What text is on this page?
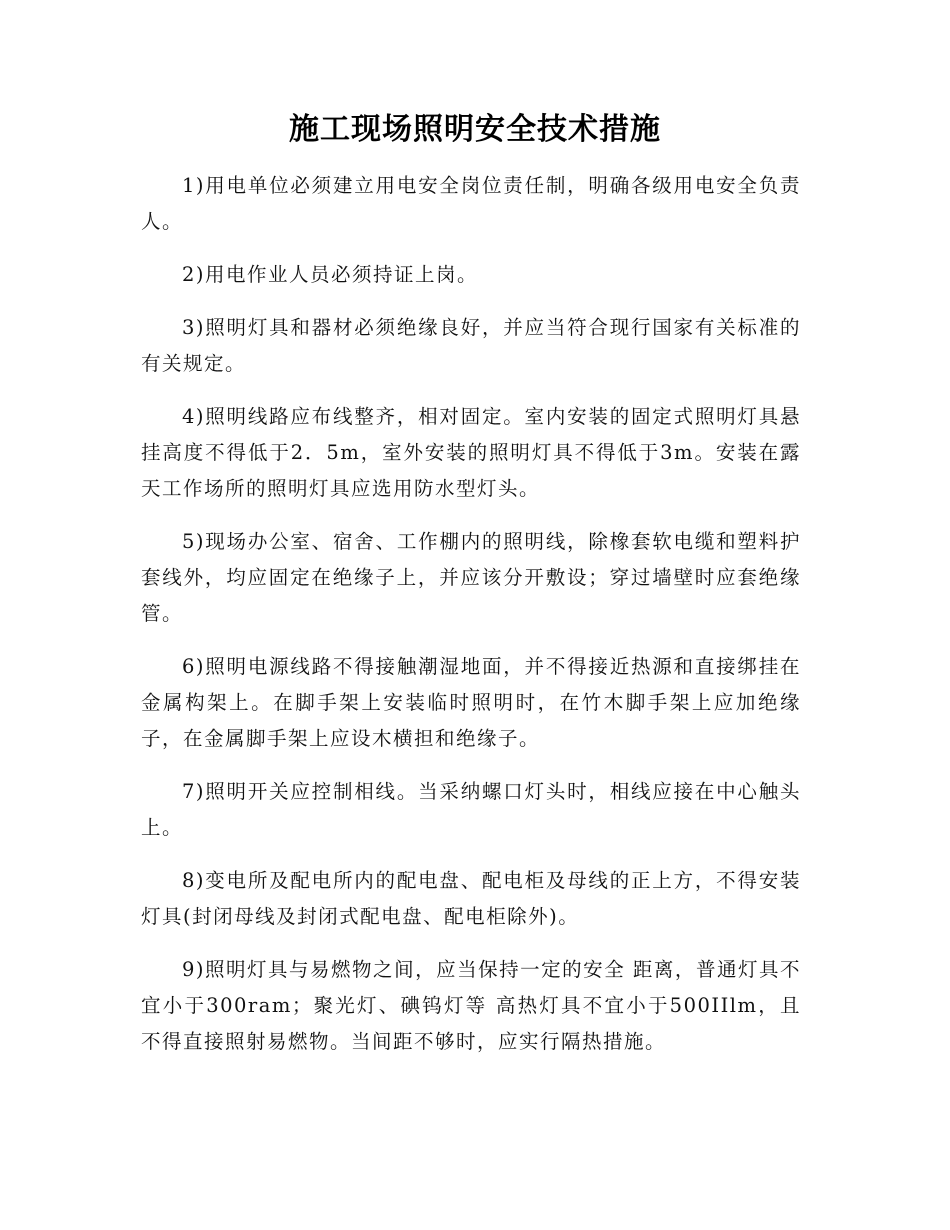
施工现场照明安全技术措施

1)用电单位必须建立用电安全岗位责任制，明确各级用电安全负责人。

2)用电作业人员必须持证上岗。

3)照明灯具和器材必须绝缘良好，并应当符合现行国家有关标准的有关规定。

4)照明线路应布线整齐，相对固定。室内安装的固定式照明灯具悬挂高度不得低于2．5m，室外安装的照明灯具不得低于3m。安装在露天工作场所的照明灯具应选用防水型灯头。

5)现场办公室、宿舍、工作棚内的照明线，除橡套软电缆和塑料护套线外，均应固定在绝缘子上，并应该分开敷设；穿过墙壁时应套绝缘管。

6)照明电源线路不得接触潮湿地面，并不得接近热源和直接绑挂在金属构架上。在脚手架上安装临时照明时，在竹木脚手架上应加绝缘子，在金属脚手架上应设木横担和绝缘子。

7)照明开关应控制相线。当采纳螺口灯头时，相线应接在中心触头上。

8)变电所及配电所内的配电盘、配电柜及母线的正上方，不得安装灯具(封闭母线及封闭式配电盘、配电柜除外)。

9)照明灯具与易燃物之间，应当保持一定的安全 距离，普通灯具不宜小于300ram；聚光灯、碘钨灯等 高热灯具不宜小于500IIlm，且不得直接照射易燃物。当间距不够时，应实行隔热措施。
